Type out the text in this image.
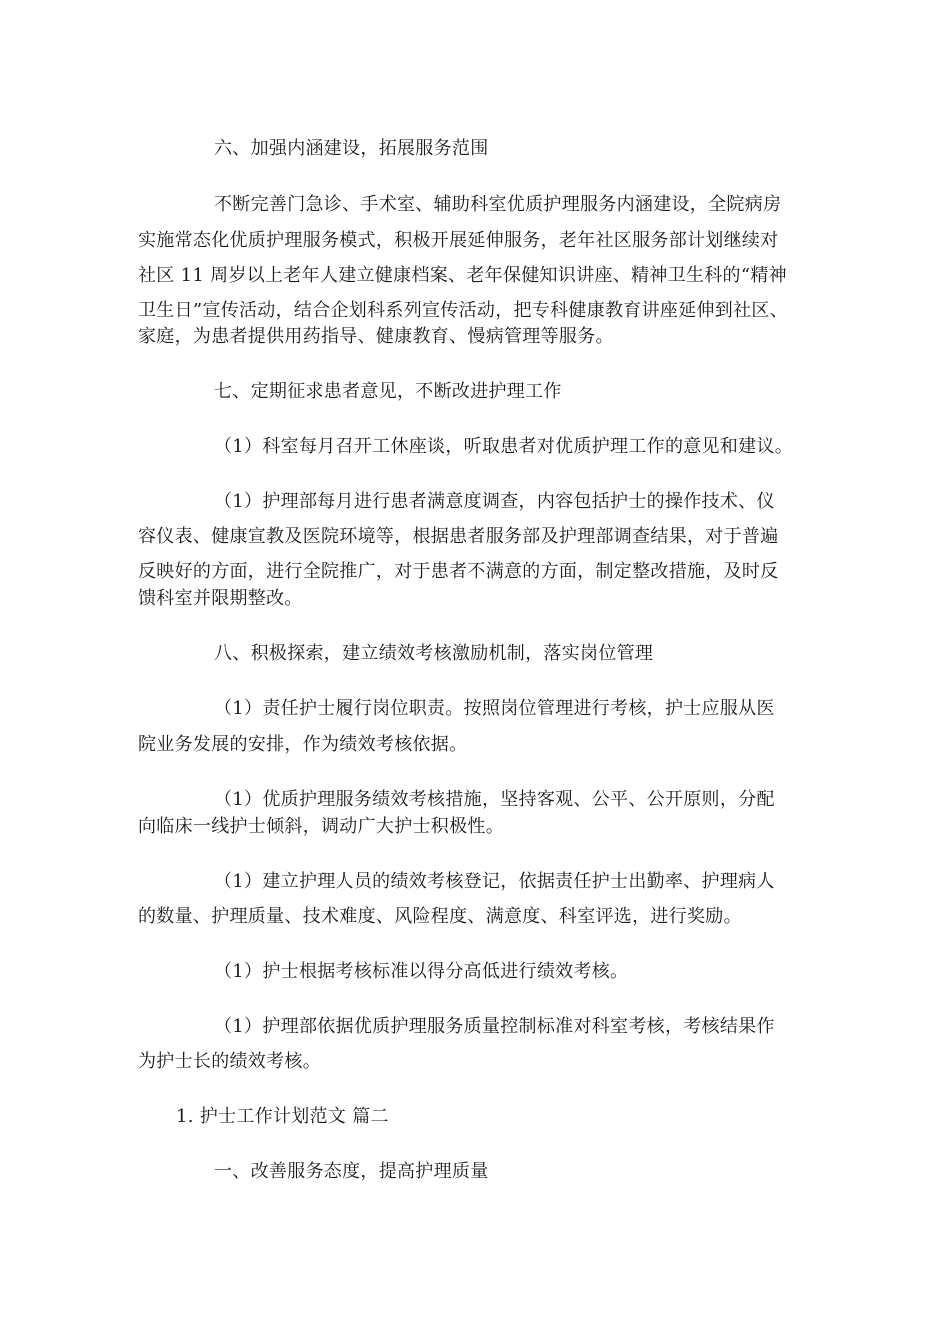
六、加强内涵建设，拓展服务范围
不断完善门急诊、手术室、辅助科室优质护理服务内涵建设，全院病房
实施常态化优质护理服务模式，积极开展延伸服务，老年社区服务部计划继续对
社区 11 周岁以上老年人建立健康档案、老年保健知识讲座、精神卫生科的“精神
卫生日”宣传活动，结合企划科系列宣传活动，把专科健康教育讲座延伸到社区、
家庭，为患者提供用药指导、健康教育、慢病管理等服务。
七、定期征求患者意见，不断改进护理工作
（1）科室每月召开工休座谈，听取患者对优质护理工作的意见和建议。
（1）护理部每月进行患者满意度调查，内容包括护士的操作技术、仪
容仪表、健康宣教及医院环境等，根据患者服务部及护理部调查结果，对于普遍
反映好的方面，进行全院推广，对于患者不满意的方面，制定整改措施，及时反
馈科室并限期整改。
八、积极探索，建立绩效考核激励机制，落实岗位管理
（1）责任护士履行岗位职责。按照岗位管理进行考核，护士应服从医
院业务发展的安排，作为绩效考核依据。
（1）优质护理服务绩效考核措施，坚持客观、公平、公开原则，分配
向临床一线护士倾斜，调动广大护士积极性。
（1）建立护理人员的绩效考核登记，依据责任护士出勤率、护理病人
的数量、护理质量、技术难度、风险程度、满意度、科室评选，进行奖励。
（1）护士根据考核标准以得分高低进行绩效考核。
（1）护理部依据优质护理服务质量控制标准对科室考核，考核结果作
为护士长的绩效考核。
1. 护士工作计划范文 篇二
一、改善服务态度，提高护理质量
